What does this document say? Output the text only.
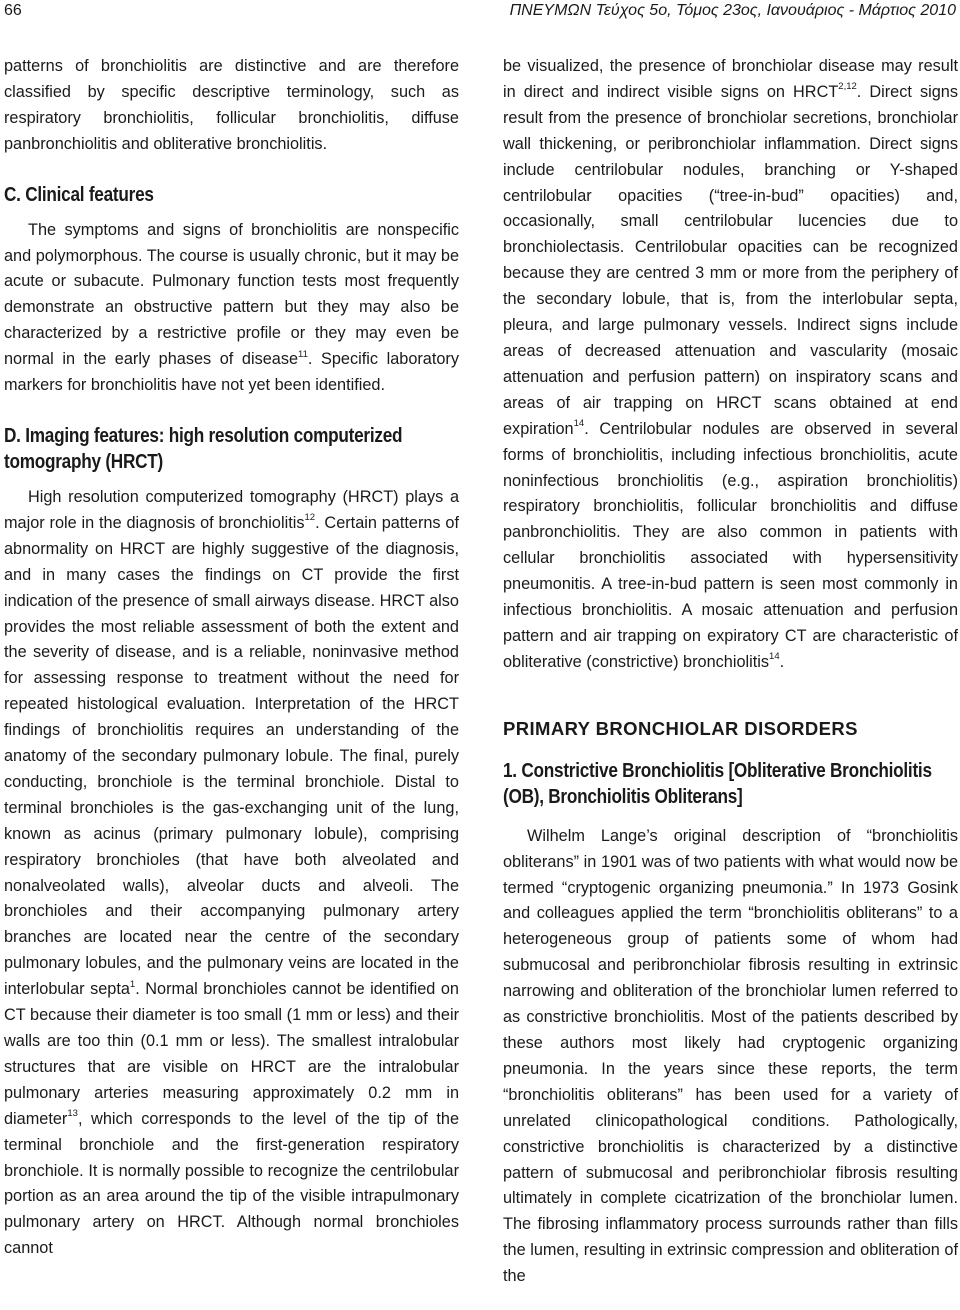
66	ΠΝΕΥΜΩΝ Τεύχος 5ο, Τόμος 23ος, Ιανουάριος - Μάρτιος 2010

patterns of bronchiolitis are distinctive and are therefore classified by specific descriptive terminology, such as respiratory bronchiolitis, follicular bronchiolitis, diffuse panbronchiolitis and obliterative bronchiolitis.

C. Clinical features

The symptoms and signs of bronchiolitis are nonspecific and polymorphous. The course is usually chronic, but it may be acute or subacute. Pulmonary function tests most frequently demonstrate an obstructive pattern but they may also be characterized by a restrictive profile or they may even be normal in the early phases of disease$^{11}$. Specific laboratory markers for bronchiolitis have not yet been identified.

D. Imaging features: high resolution computerized tomography (HRCT)

High resolution computerized tomography (HRCT) plays a major role in the diagnosis of bronchiolitis$^{12}$. Certain patterns of abnormality on HRCT are highly suggestive of the diagnosis, and in many cases the findings on CT provide the first indication of the presence of small airways disease. HRCT also provides the most reliable assessment of both the extent and the severity of disease, and is a reliable, noninvasive method for assessing response to treatment without the need for repeated histological evaluation. Interpretation of the HRCT findings of bronchiolitis requires an understanding of the anatomy of the secondary pulmonary lobule. The final, purely conducting, bronchiole is the terminal bronchiole. Distal to terminal bronchioles is the gas-exchanging unit of the lung, known as acinus (primary pulmonary lobule), comprising respiratory bronchioles (that have both alveolated and nonalveolated walls), alveolar ducts and alveoli. The bronchioles and their accompanying pulmonary artery branches are located near the centre of the secondary pulmonary lobules, and the pulmonary veins are located in the interlobular septa$^1$. Normal bronchioles cannot be identified on CT because their diameter is too small (1 mm or less) and their walls are too thin (0.1 mm or less). The smallest intralobular structures that are visible on HRCT are the intralobular pulmonary arteries measuring approximately 0.2 mm in diameter$^{13}$, which corresponds to the level of the tip of the terminal bronchiole and the first-generation respiratory bronchiole. It is normally possible to recognize the centrilobular portion as an area around the tip of the visible intrapulmonary pulmonary artery on HRCT. Although normal bronchioles cannot

be visualized, the presence of bronchiolar disease may result in direct and indirect visible signs on HRCT$^{2,12}$. Direct signs result from the presence of bronchiolar secretions, bronchiolar wall thickening, or peribronchiolar inflammation. Direct signs include centrilobular nodules, branching or Y-shaped centrilobular opacities (“tree-in-bud” opacities) and, occasionally, small centrilobular lucencies due to bronchiolectasis. Centrilobular opacities can be recognized because they are centred 3 mm or more from the periphery of the secondary lobule, that is, from the interlobular septa, pleura, and large pulmonary vessels. Indirect signs include areas of decreased attenuation and vascularity (mosaic attenuation and perfusion pattern) on inspiratory scans and areas of air trapping on HRCT scans obtained at end expiration$^{14}$. Centrilobular nodules are observed in several forms of bronchiolitis, including infectious bronchiolitis, acute noninfectious bronchiolitis (e.g., aspiration bronchiolitis) respiratory bronchiolitis, follicular bronchiolitis and diffuse panbronchiolitis. They are also common in patients with cellular bronchiolitis associated with hypersensitivity pneumonitis. A tree-in-bud pattern is seen most commonly in infectious bronchiolitis. A mosaic attenuation and perfusion pattern and air trapping on expiratory CT are characteristic of obliterative (constrictive) bronchiolitis$^{14}$.

PRIMARY BRONCHIOLAR DISORDERS
1. Constrictive Bronchiolitis [Obliterative Bronchiolitis (OB), Bronchiolitis Obliterans]

Wilhelm Lange’s original description of “bronchiolitis obliterans” in 1901 was of two patients with what would now be termed “cryptogenic organizing pneumonia.” In 1973 Gosink and colleagues applied the term “bronchiolitis obliterans” to a heterogeneous group of patients some of whom had submucosal and peribronchiolar fibrosis resulting in extrinsic narrowing and obliteration of the bronchiolar lumen referred to as constrictive bronchiolitis. Most of the patients described by these authors most likely had cryptogenic organizing pneumonia. In the years since these reports, the term “bronchiolitis obliterans” has been used for a variety of unrelated clinicopathological conditions. Pathologically, constrictive bronchiolitis is characterized by a distinctive pattern of submucosal and peribronchiolar fibrosis resulting ultimately in complete cicatrization of the bronchiolar lumen. The fibrosing inflammatory process surrounds rather than fills the lumen, resulting in extrinsic compression and obliteration of the
